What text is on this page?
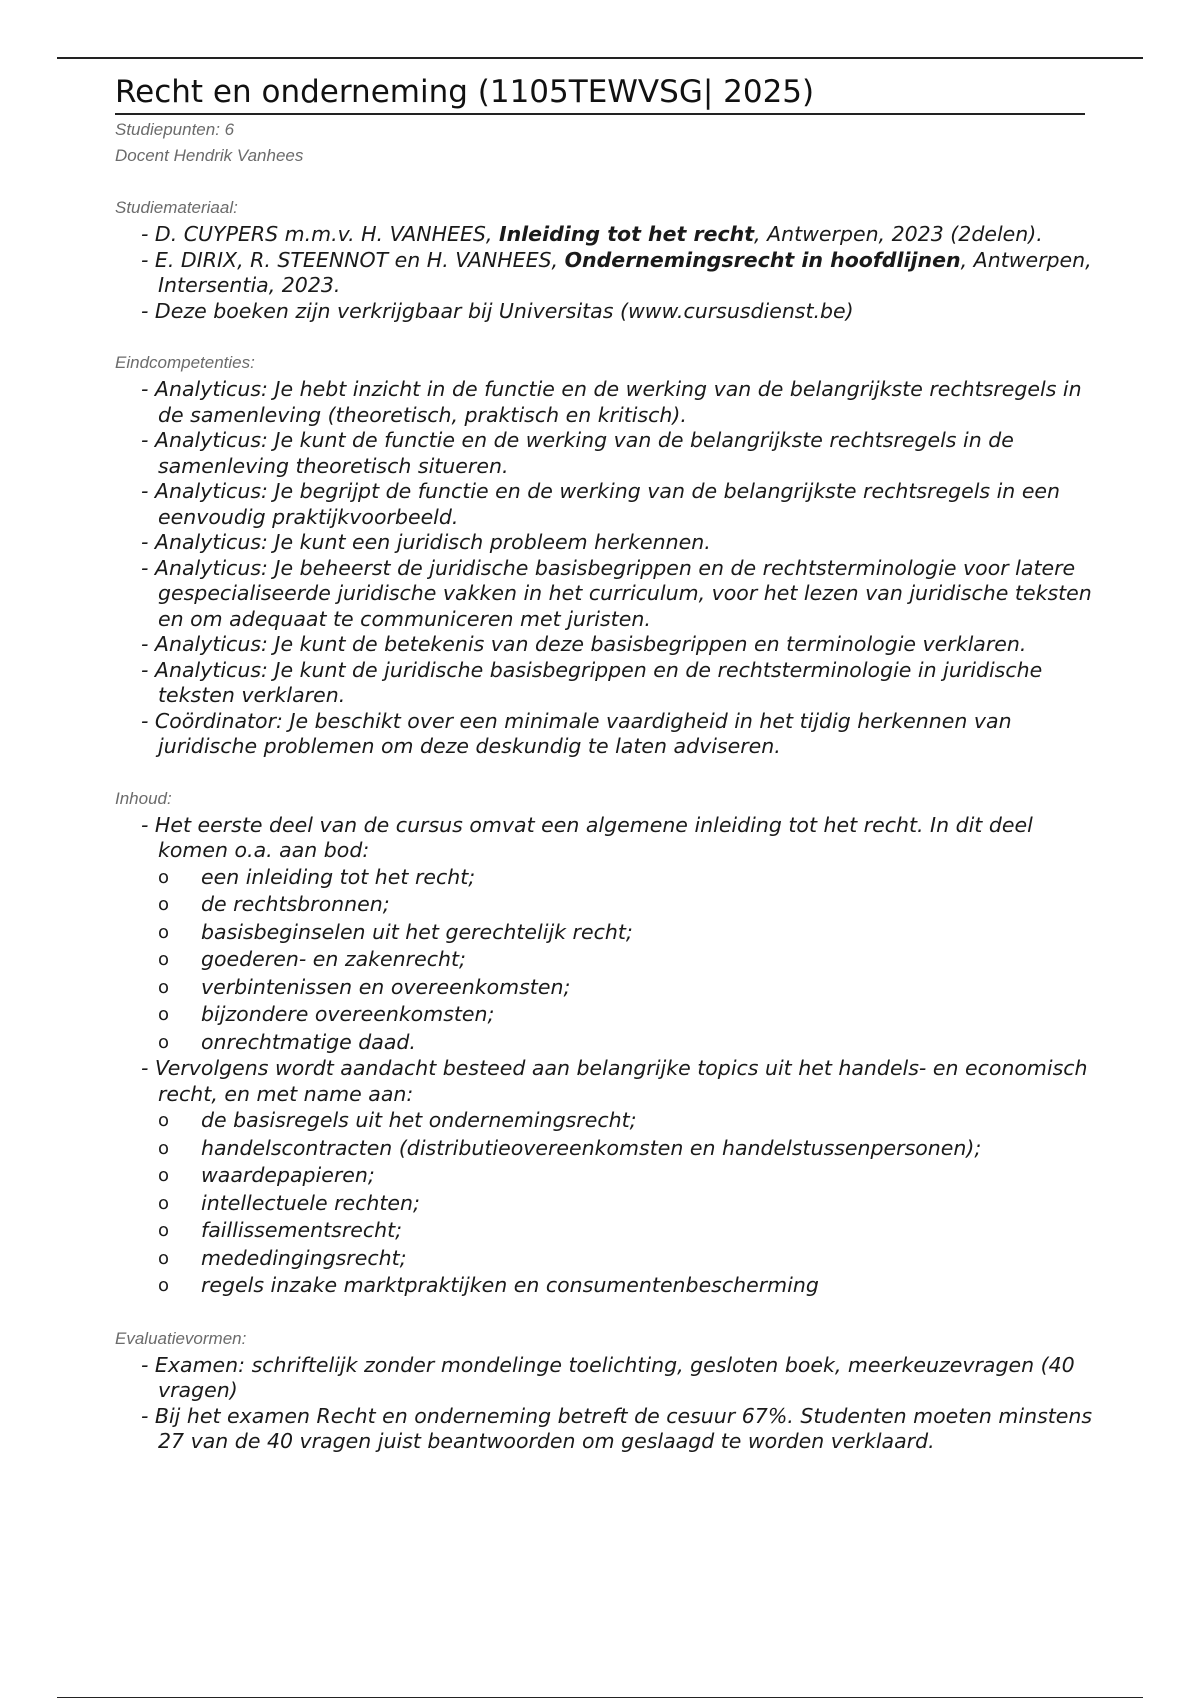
Recht en onderneming (1105TEWVSG| 2025)
Studiepunten: 6
Docent Hendrik Vanhees
Studiemateriaal:
- D. CUYPERS m.m.v. H. VANHEES, Inleiding tot het recht, Antwerpen, 2023 (2delen).
- E. DIRIX, R. STEENNOT en H. VANHEES, Ondernemingsrecht in hoofdlijnen, Antwerpen, Intersentia, 2023.
- Deze boeken zijn verkrijgbaar bij Universitas (www.cursusdienst.be)
Eindcompetenties:
- Analyticus: Je hebt inzicht in de functie en de werking van de belangrijkste rechtsregels in de samenleving (theoretisch, praktisch en kritisch).
- Analyticus: Je kunt de functie en de werking van de belangrijkste rechtsregels in de samenleving theoretisch situeren.
- Analyticus: Je begrijpt de functie en de werking van de belangrijkste rechtsregels in een eenvoudig praktijkvoorbeeld.
- Analyticus: Je kunt een juridisch probleem herkennen.
- Analyticus: Je beheerst de juridische basisbegrippen en de rechtsterminologie voor latere gespecialiseerde juridische vakken in het curriculum, voor het lezen van juridische teksten en om adequaat te communiceren met juristen.
- Analyticus: Je kunt de betekenis van deze basisbegrippen en terminologie verklaren.
- Analyticus: Je kunt de juridische basisbegrippen en de rechtsterminologie in juridische teksten verklaren.
- Coördinator: Je beschikt over een minimale vaardigheid in het tijdig herkennen van juridische problemen om deze deskundig te laten adviseren.
Inhoud:
- Het eerste deel van de cursus omvat een algemene inleiding tot het recht. In dit deel komen o.a. aan bod:
o een inleiding tot het recht;
o de rechtsbronnen;
o basisbeginselen uit het gerechtelijk recht;
o goederen- en zakenrecht;
o verbintenissen en overeenkomsten;
o bijzondere overeenkomsten;
o onrechtmatige daad.
- Vervolgens wordt aandacht besteed aan belangrijke topics uit het handels- en economisch recht, en met name aan:
o de basisregels uit het ondernemingsrecht;
o handelscontracten (distributieovereenkomsten en handelstussenpersonen);
o waardepapieren;
o intellectuele rechten;
o faillissementsrecht;
o mededingingsrecht;
o regels inzake marktpraktijken en consumentenbescherming
Evaluatievormen:
- Examen: schriftelijk zonder mondelinge toelichting, gesloten boek, meerkeuzevragen (40 vragen)
- Bij het examen Recht en onderneming betreft de cesuur 67%. Studenten moeten minstens 27 van de 40 vragen juist beantwoorden om geslaagd te worden verklaard.
